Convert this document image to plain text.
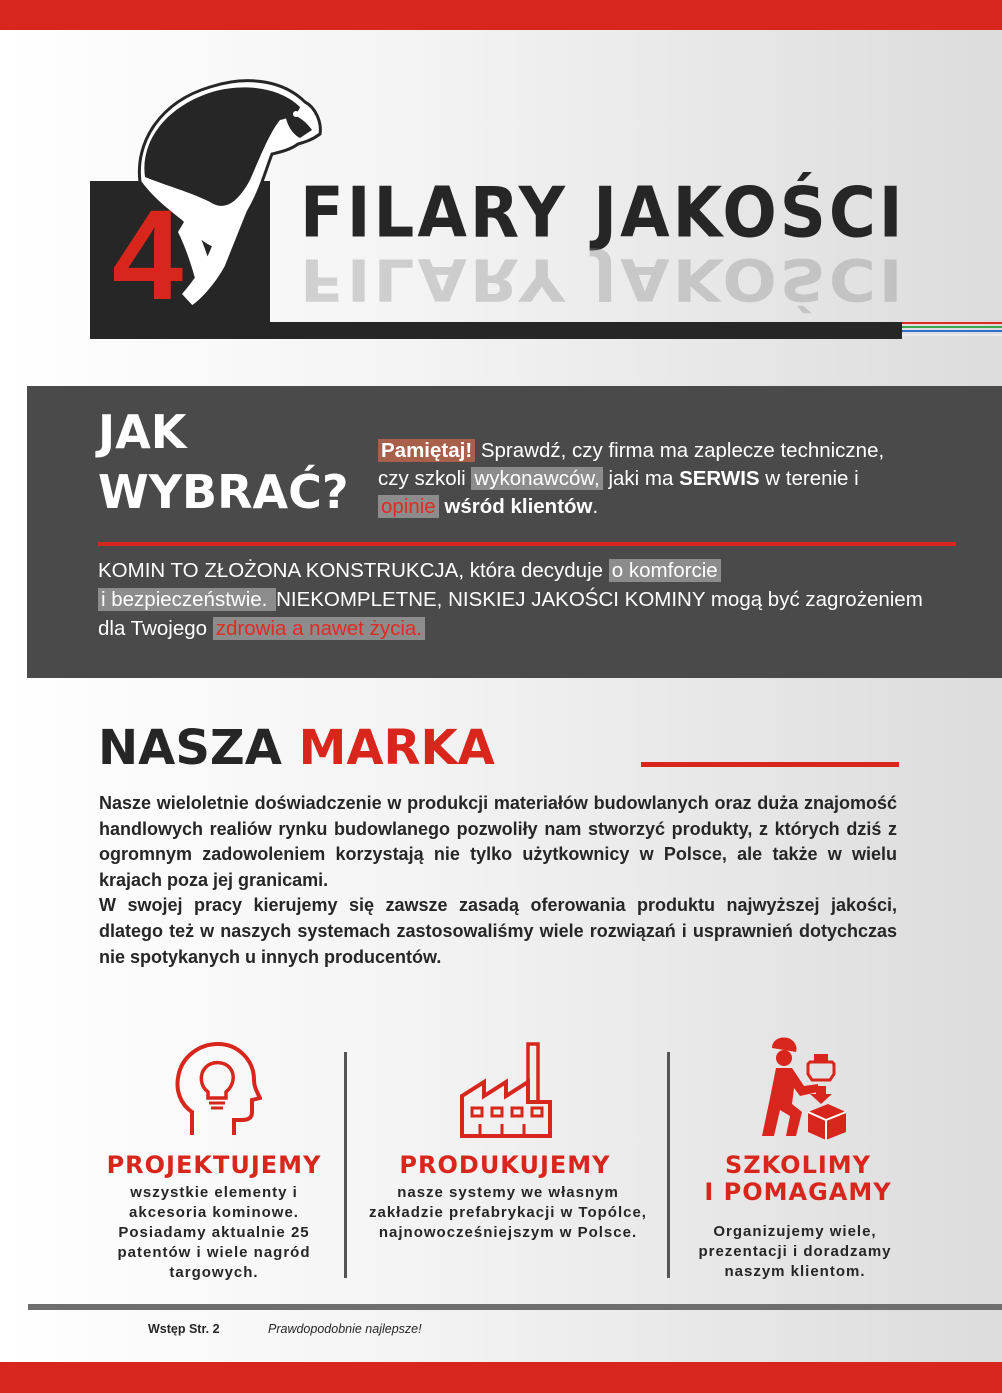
4 FILARY JAKOŚCI
FILARY JAKOŚCI
JAK
WYBRAĆ?
Pamiętaj! Sprawdź, czy firma ma zaplecze techniczne, czy szkoli wykonawców, jaki ma SERWIS w terenie i opinie wśród klientów.
KOMIN TO ZŁOŻONA KONSTRUKCJA, która decyduje o komforcie
i bezpieczeństwie. NIEKOMPLETNE, NISKIEJ JAKOŚCI KOMINY mogą być zagrożeniem dla Twojego zdrowia a nawet życia.
NASZA MARKA

Nasze wieloletnie doświadczenie w produkcji materiałów budowlanych oraz duża znajomość handlowych realiów rynku budowlanego pozwoliły nam stworzyć produkty, z których dziś z ogromnym zadowoleniem korzystają nie tylko użytkownicy w Polsce, ale także w wielu krajach poza jej granicami.

W swojej pracy kierujemy się zawsze zasadą oferowania produktu najwyższej jakości, dlatego też w naszych systemach zastosowaliśmy wiele rozwiązań i usprawnień dotychczas nie spotykanych u innych producentów.

PROJEKTUJEMY
wszystkie elementy i akcesoria kominowe. Posiadamy aktualnie 25 patentów i wiele nagród targowych.
PRODUKUJEMY
nasze systemy we własnym zakładzie prefabrykacji w Topólce, najnowocześniejszym w Polsce.
SZKOLIMY
I POMAGAMY
Organizujemy wiele, prezentacji i doradzamy naszym klientom.
Wstęp Str. 2	Prawdopodobnie najlepsze!
